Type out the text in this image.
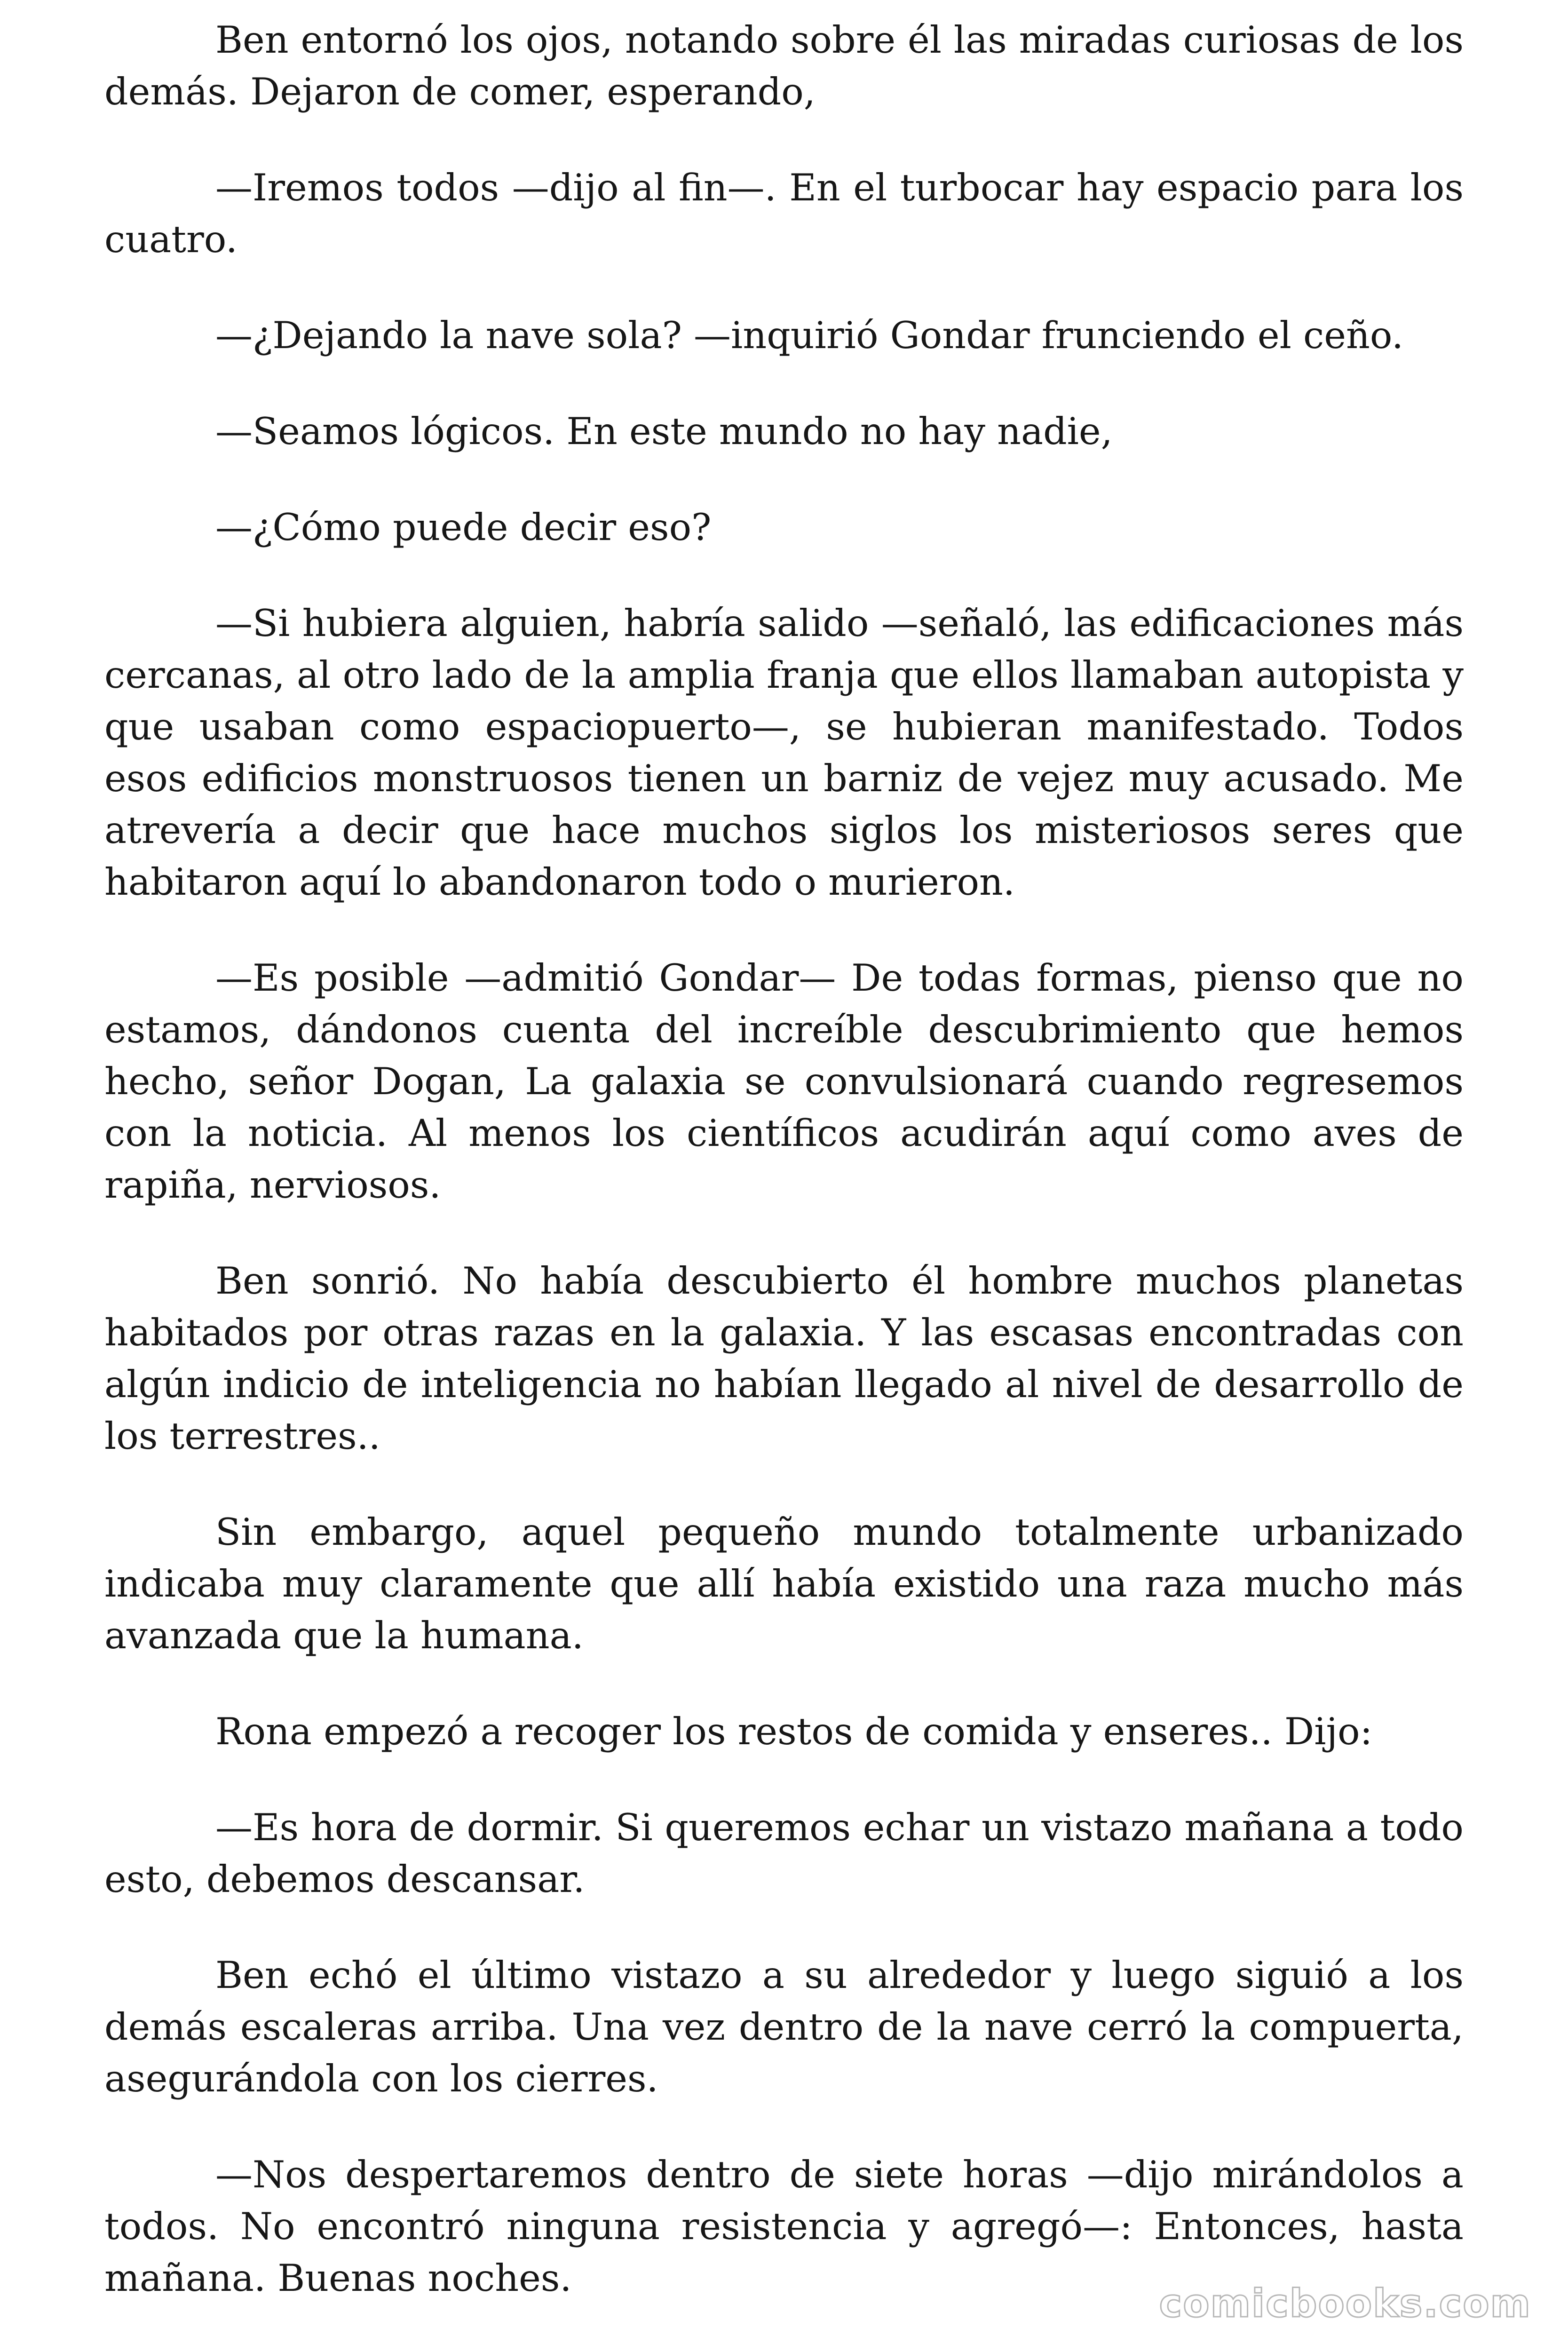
Ben entornó los ojos, notando sobre él las miradas curiosas de los demás. Dejaron de comer, esperando,

—Iremos todos —dijo al fin—. En el turbocar hay espacio para los cuatro.

—¿Dejando la nave sola? —inquirió Gondar frunciendo el ceño.

—Seamos lógicos. En este mundo no hay nadie,

—¿Cómo puede decir eso?

—Si hubiera alguien, habría salido —señaló, las edificaciones más cercanas, al otro lado de la amplia franja que ellos llamaban autopista y que usaban como espaciopuerto—, se hubieran manifestado. Todos esos edificios monstruosos tienen un barniz de vejez muy acusado. Me atrevería a decir que hace muchos siglos los misteriosos seres que habitaron aquí lo abandonaron todo o murieron.

—Es posible —admitió Gondar— De todas formas, pienso que no estamos, dándonos cuenta del increíble descubrimiento que hemos hecho, señor Dogan, La galaxia se convulsionará cuando regresemos con la noticia. Al menos los científicos acudirán aquí como aves de rapiña, nerviosos.

Ben sonrió. No había descubierto él hombre muchos planetas habitados por otras razas en la galaxia. Y las escasas encontradas con algún indicio de inteligencia no habían llegado al nivel de desarrollo de los terrestres..

Sin embargo, aquel pequeño mundo totalmente urbanizado indicaba muy claramente que allí había existido una raza mucho más avanzada que la humana.

Rona empezó a recoger los restos de comida y enseres.. Dijo:

—Es hora de dormir. Si queremos echar un vistazo mañana a todo esto, debemos descansar.

Ben echó el último vistazo a su alrededor y luego siguió a los demás escaleras arriba. Una vez dentro de la nave cerró la compuerta, asegurándola con los cierres.

—Nos despertaremos dentro de siete horas —dijo mirándolos a todos. No encontró ninguna resistencia y agregó—: Entonces, hasta mañana. Buenas noches.

comicbooks.com
